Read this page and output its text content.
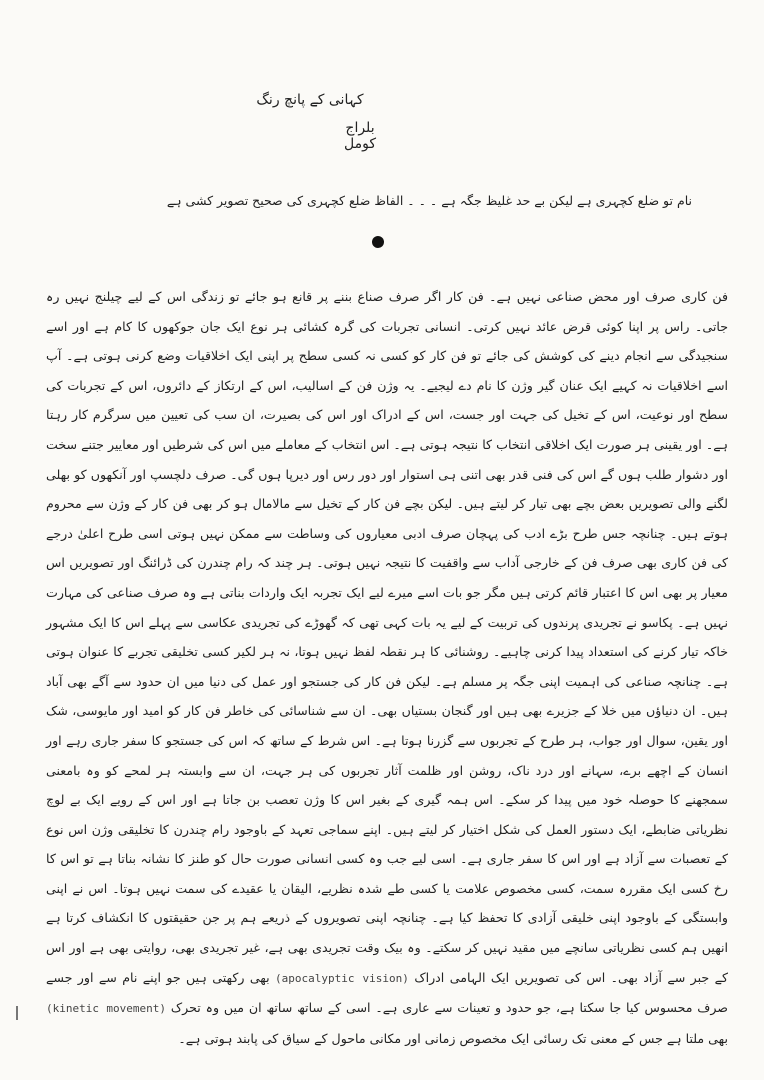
کہانی کے پانچ رنگ
بلراج کومل
نام تو ضلع کچہری ہے لیکن بے حد غلیظ جگہ ہے ۔ ۔ ۔ الفاظ ضلع کچہری کی صحیح تصویر کشی ہے
فن کاری صرف اور محض صناعی نہیں ہے۔ فن کار اگر صرف صناع بننے پر قانع ہو جائے تو زندگی اس کے لیے چیلنج نہیں رہ جاتی۔ راس پر اپنا کوئی قرض عائد نہیں کرتی۔ انسانی تجربات کی گرہ کشائی ہر نوع ایک جان جوکھوں کا کام ہے اور اسے سنجیدگی سے انجام دینے کی کوشش کی جائے تو فن کار کو کسی نہ کسی سطح پر اپنی ایک اخلاقیات وضع کرنی ہوتی ہے۔ آپ اسے اخلاقیات نہ کہیے ایک عنان گیر وژن کا نام دے لیجیے۔ یہ وژن فن کے اسالیب، اس کے ارتکاز کے دائروں، اس کے تجربات کی سطح اور نوعیت، اس کے تخیل کی جہت اور جست، اس کے ادراک اور اس کی بصیرت، ان سب کی تعیین میں سرگرم کار رہتا ہے۔ اور یقینی ہر صورت ایک اخلاقی انتخاب کا نتیجہ ہوتی ہے۔ اس انتخاب کے معاملے میں اس کی شرطیں اور معاییر جتنے سخت اور دشوار طلب ہوں گے اس کی فنی قدر بھی اتنی ہی استوار اور دور رس اور دیرپا ہوں گی۔ صرف دلچسپ اور آنکھوں کو بھلی لگنے والی تصویریں بعض بچے بھی تیار کر لیتے ہیں۔ لیکن بچے فن کار کے تخیل سے مالامال ہو کر بھی فن کار کے وژن سے محروم ہوتے ہیں۔ چنانچہ جس طرح بڑے ادب کی پہچان صرف ادبی معیاروں کی وساطت سے ممکن نہیں ہوتی اسی طرح اعلیٰ درجے کی فن کاری بھی صرف فن کے خارجی آداب سے واقفیت کا نتیجہ نہیں ہوتی۔ ہر چند کہ رام چندرن کی ڈرائنگ اور تصویریں اس معیار پر بھی اس کا اعتبار قائم کرتی ہیں مگر جو بات اسے میرے لیے ایک تجربہ ایک واردات بناتی ہے وہ صرف صناعی کی مہارت نہیں ہے۔ پکاسو نے تجریدی پرندوں کی تربیت کے لیے یہ بات کہی تھی کہ گھوڑے کی تجریدی عکاسی سے پہلے اس کا ایک مشہور خاکہ تیار کرنے کی استعداد پیدا کرنی چاہیے۔ روشنائی کا ہر نقطہ لفظ نہیں ہوتا، نہ ہر لکیر کسی تخلیقی تجربے کا عنوان ہوتی ہے۔ چنانچہ صناعی کی اہمیت اپنی جگہ پر مسلم ہے۔ لیکن فن کار کی جستجو اور عمل کی دنیا میں ان حدود سے آگے بھی آباد ہیں۔ ان دنیاؤں میں خلا کے جزیرے بھی ہیں اور گنجان بستیاں بھی۔ ان سے شناسائی کی خاطر فن کار کو امید اور مایوسی، شک اور یقین، سوال اور جواب، ہر طرح کے تجربوں سے گزرنا ہوتا ہے۔ اس شرط کے ساتھ کہ اس کی جستجو کا سفر جاری رہے اور انسان کے اچھے برے، سہانے اور درد ناک، روشن اور ظلمت آثار تجربوں کی ہر جہت، ان سے وابستہ ہر لمحے کو وہ بامعنی سمجھنے کا حوصلہ خود میں پیدا کر سکے۔ اس ہمہ گیری کے بغیر اس کا وژن تعصب بن جاتا ہے اور اس کے رویے ایک بے لوچ نظریاتی ضابطے، ایک دستور العمل کی شکل اختیار کر لیتے ہیں۔ اپنے سماجی تعہد کے باوجود رام چندرن کا تخلیقی وژن اس نوع کے تعصبات سے آزاد ہے اور اس کا سفر جاری ہے۔ اسی لیے جب وہ کسی انسانی صورت حال کو طنز کا نشانہ بناتا ہے تو اس کا رخ کسی ایک مقررہ سمت، کسی مخصوص علامت یا کسی طے شدہ نظریے، الیقان یا عقیدے کی سمت نہیں ہوتا۔ اس نے اپنی وابستگی کے باوجود اپنی خلیقی آزادی کا تحفظ کیا ہے۔ چنانچہ اپنی تصویروں کے ذریعے ہم پر جن حقیقتوں کا انکشاف کرتا ہے انھیں ہم کسی نظریاتی سانچے میں مقید نہیں کر سکتے۔ وہ بیک وقت تجریدی بھی ہے، غیر تجریدی بھی، روایتی بھی ہے اور اس کے جبر سے آزاد بھی۔ اس کی تصویریں ایک الہامی ادراک (apocalyptic vision) بھی رکھتی ہیں جو اپنے نام سے اور جسے صرف محسوس کیا جا سکتا ہے، جو حدود و تعینات سے عاری ہے۔ اسی کے ساتھ ساتھ ان میں وہ تحرک (kinetic movement) بھی ملتا ہے جس کے معنی تک رسائی ایک مخصوص زمانی اور مکانی ماحول کے سیاق کی پابند ہوتی ہے۔
